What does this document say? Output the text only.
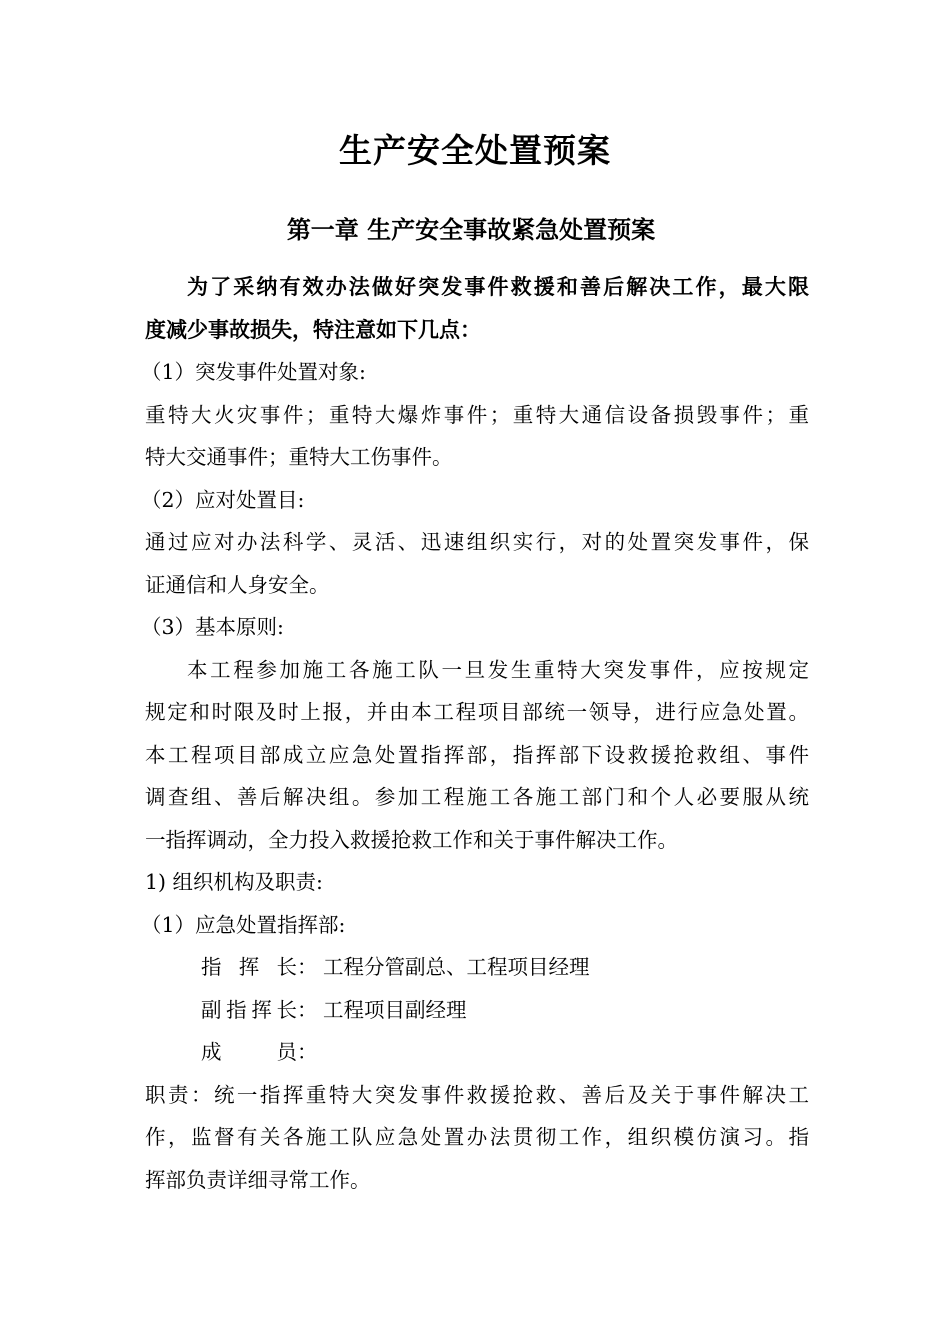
生产安全处置预案
第一章 生产安全事故紧急处置预案
为了采纳有效办法做好突发事件救援和善后解决工作，最大限
度减少事故损失，特注意如下几点：
（1）突发事件处置对象:
重特大火灾事件；重特大爆炸事件；重特大通信设备损毁事件；重
特大交通事件；重特大工伤事件。
（2）应对处置目:
通过应对办法科学、灵活、迅速组织实行，对的处置突发事件，保
证通信和人身安全。
（3）基本原则:
本工程参加施工各施工队一旦发生重特大突发事件，应按规定
规定和时限及时上报，并由本工程项目部统一领导，进行应急处置。
本工程项目部成立应急处置指挥部，指挥部下设救援抢救组、事件
调查组、善后解决组。参加工程施工各施工部门和个人必要服从统
一指挥调动，全力投入救援抢救工作和关于事件解决工作。
1) 组织机构及职责:
（1）应急处置指挥部:
指挥长 ： 工程分管副总、工程项目经理
副指挥长 ： 工程项目副经理
成员 ：
职责：统一指挥重特大突发事件救援抢救、善后及关于事件解决工
作，监督有关各施工队应急处置办法贯彻工作，组织模仿演习。指
挥部负责详细寻常工作。
